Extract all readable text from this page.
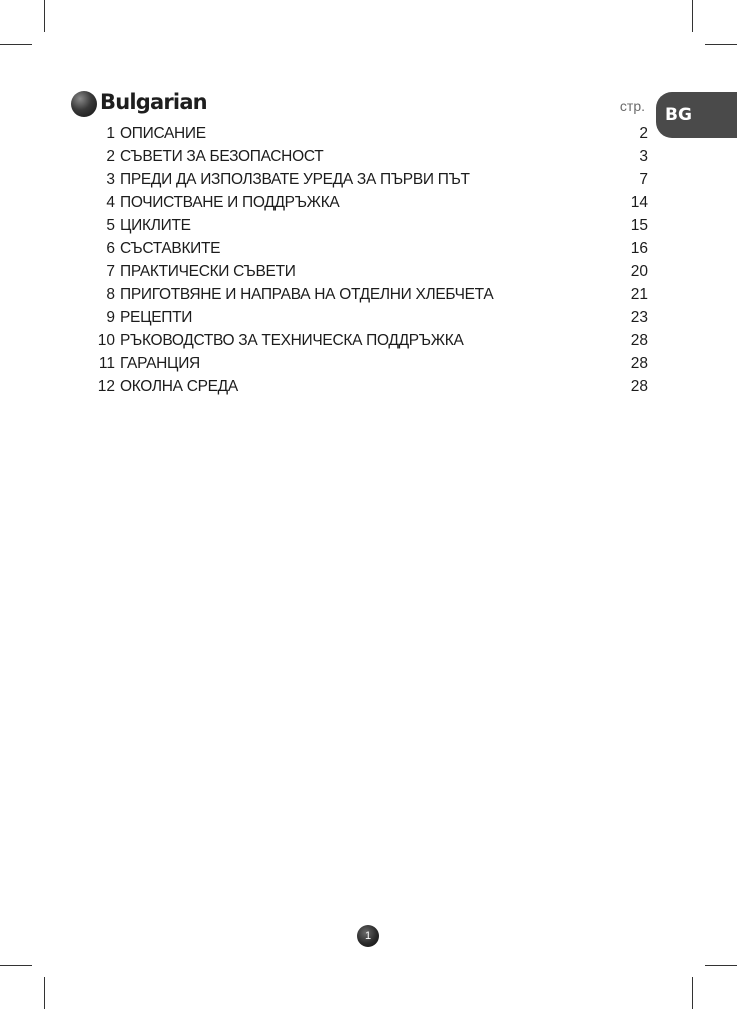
Bulgarian	стр.	BG
1 ОПИСАНИЕ	2
2 СЪВЕТИ ЗА БЕЗОПАСНОСТ	3
3 ПРЕДИ ДА ИЗПОЛЗВАТЕ УРЕДА ЗА ПЪРВИ ПЪТ	7
4 ПОЧИСТВАНЕ И ПОДДРЪЖКА	14
5 ЦИКЛИТЕ	15
6 СЪСТАВКИТЕ	16
7 ПРАКТИЧЕСКИ СЪВЕТИ	20
8 ПРИГОТВЯНЕ И НАПРАВА НА ОТДЕЛНИ ХЛЕБЧЕТА	21
9 РЕЦЕПТИ	23
10 РЪКОВОДСТВО ЗА ТЕХНИЧЕСКА ПОДДРЪЖКА	28
11 ГАРАНЦИЯ	28
12 ОКОЛНА СРЕДА	28
1
